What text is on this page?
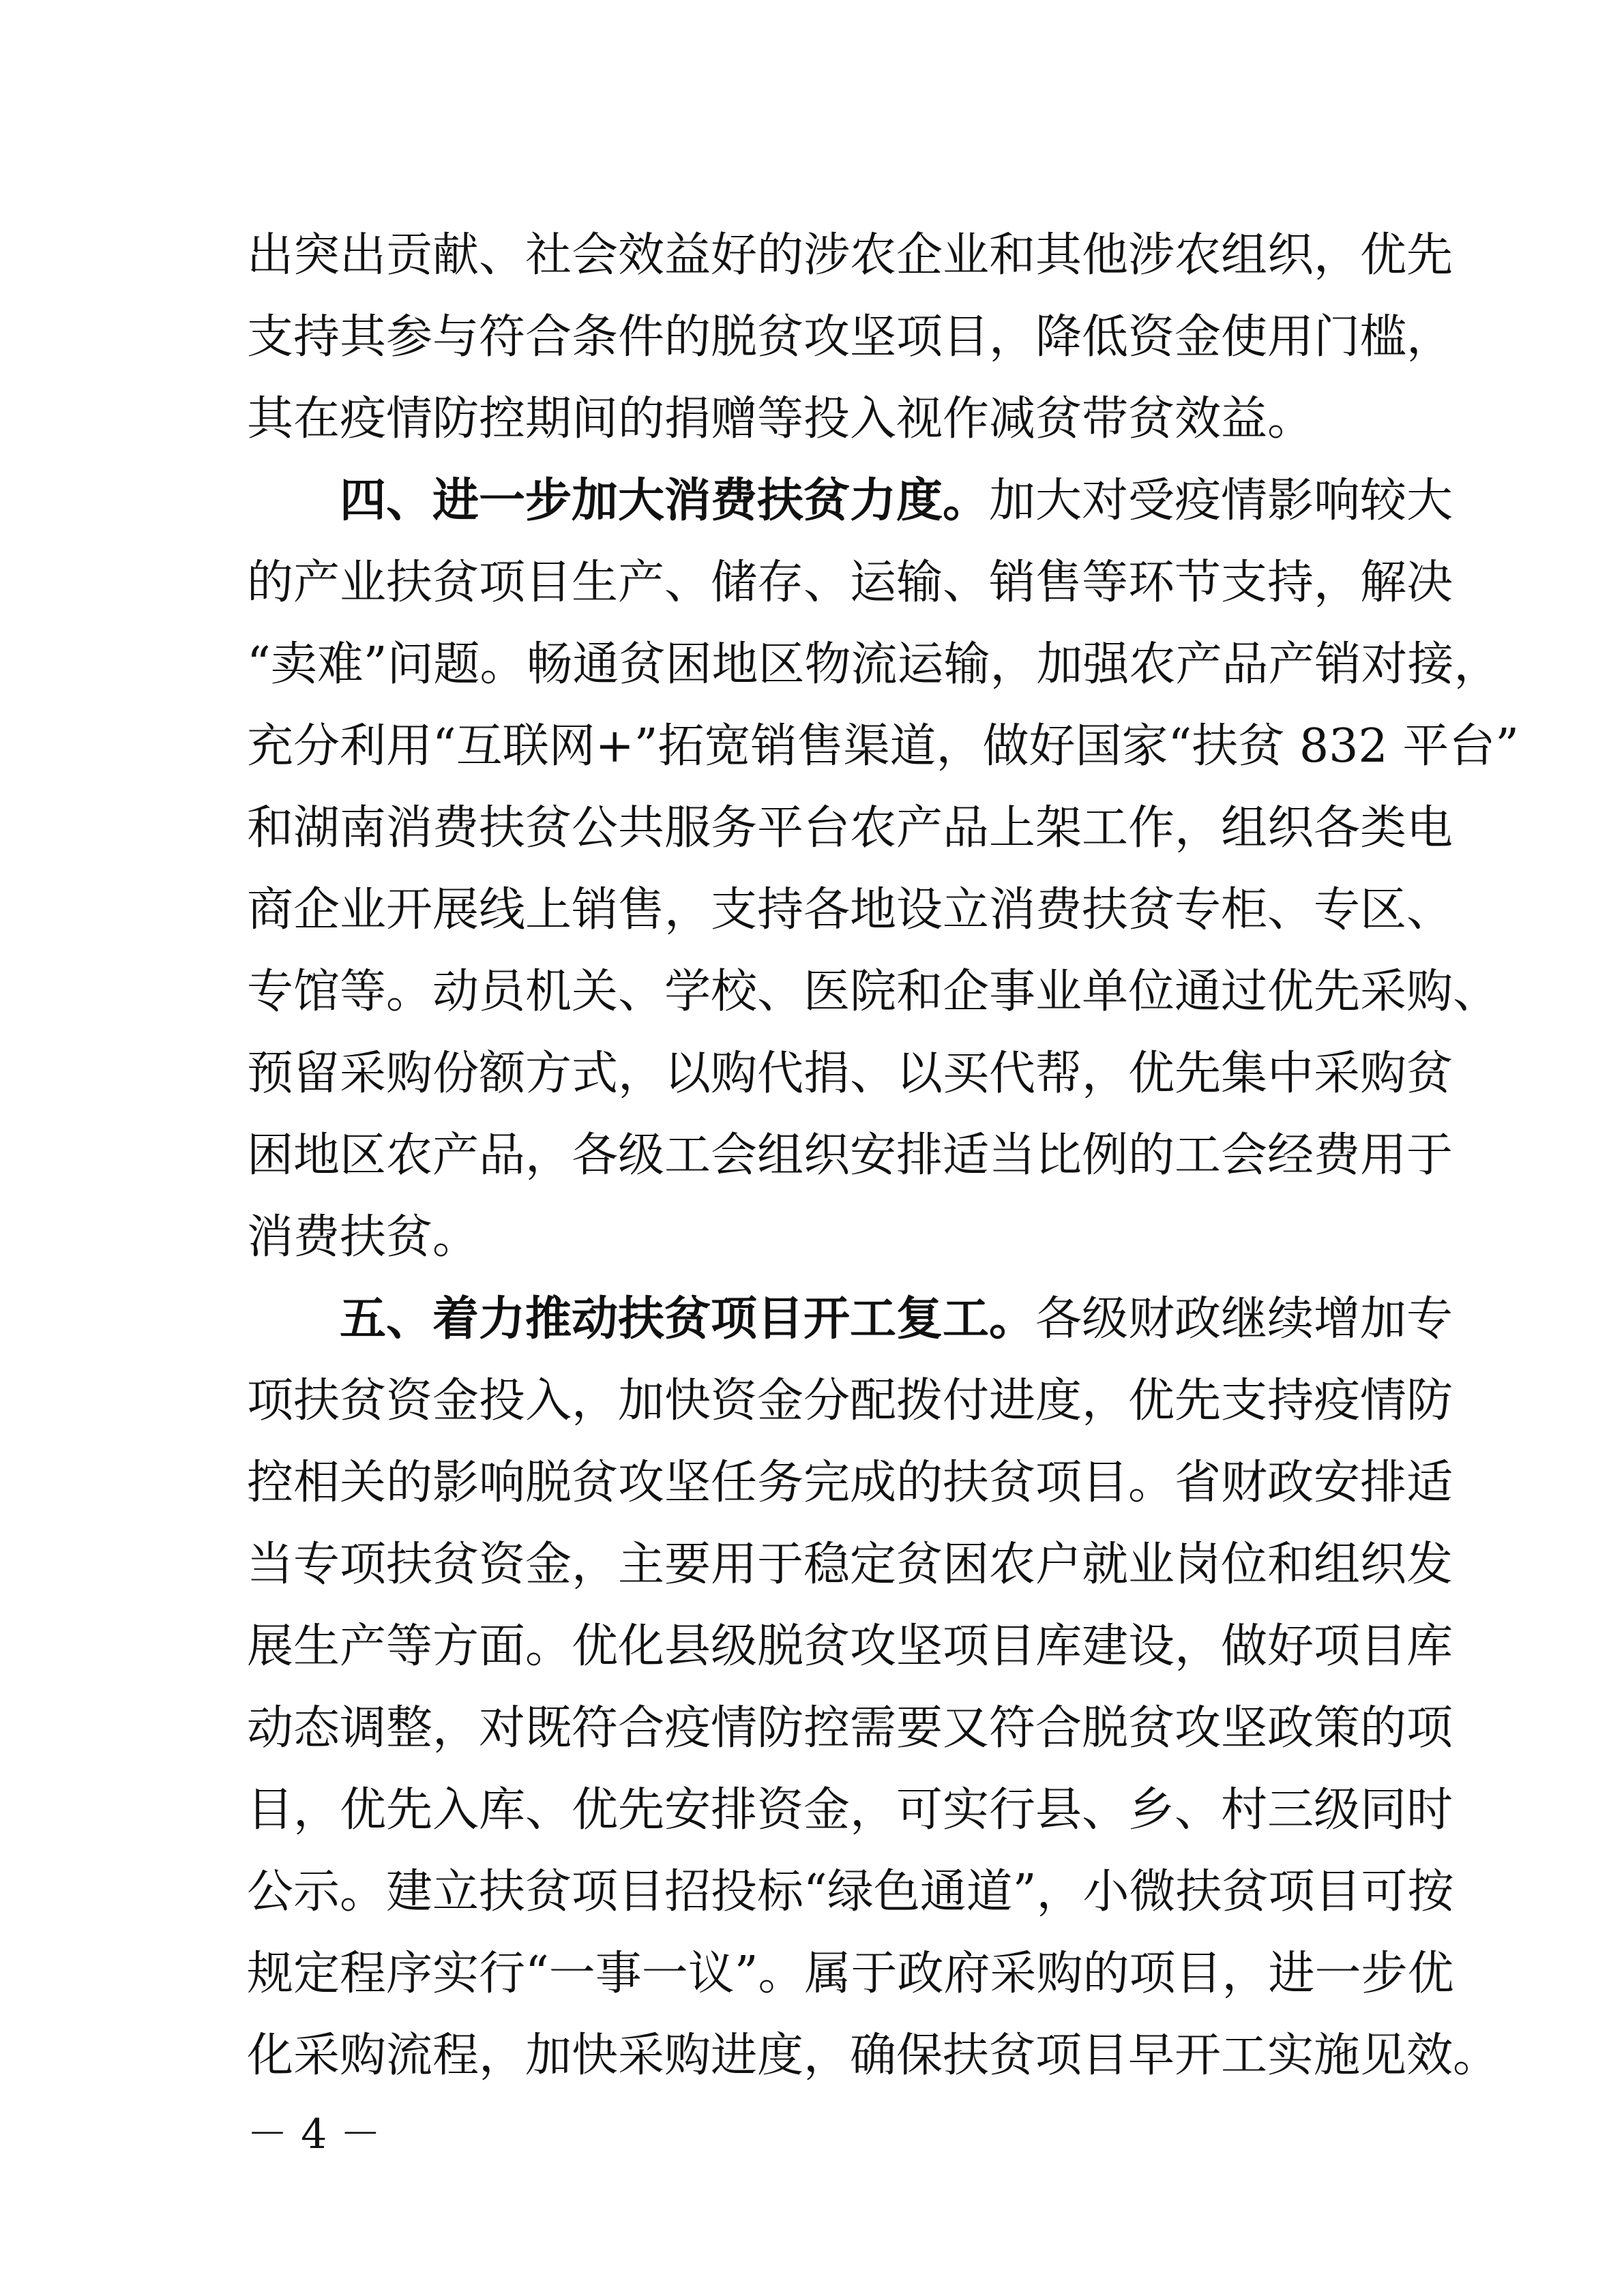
出突出贡献、社会效益好的涉农企业和其他涉农组织，优先
支持其参与符合条件的脱贫攻坚项目，降低资金使用门槛，
其在疫情防控期间的捐赠等投入视作减贫带贫效益。
四、进一步加大消费扶贫力度。加大对受疫情影响较大
的产业扶贫项目生产、储存、运输、销售等环节支持，解决
“卖难”问题。畅通贫困地区物流运输，加强农产品产销对接，
充分利用“互联网+”拓宽销售渠道，做好国家“扶贫 832 平台”
和湖南消费扶贫公共服务平台农产品上架工作，组织各类电
商企业开展线上销售，支持各地设立消费扶贫专柜、专区、
专馆等。动员机关、学校、医院和企事业单位通过优先采购、
预留采购份额方式，以购代捐、以买代帮，优先集中采购贫
困地区农产品，各级工会组织安排适当比例的工会经费用于
消费扶贫。
五、着力推动扶贫项目开工复工。各级财政继续增加专
项扶贫资金投入，加快资金分配拨付进度，优先支持疫情防
控相关的影响脱贫攻坚任务完成的扶贫项目。省财政安排适
当专项扶贫资金，主要用于稳定贫困农户就业岗位和组织发
展生产等方面。优化县级脱贫攻坚项目库建设，做好项目库
动态调整，对既符合疫情防控需要又符合脱贫攻坚政策的项
目，优先入库、优先安排资金，可实行县、乡、村三级同时
公示。建立扶贫项目招投标“绿色通道”，小微扶贫项目可按
规定程序实行“一事一议”。属于政府采购的项目，进一步优
化采购流程，加快采购进度，确保扶贫项目早开工实施见效。
－ 4 －
